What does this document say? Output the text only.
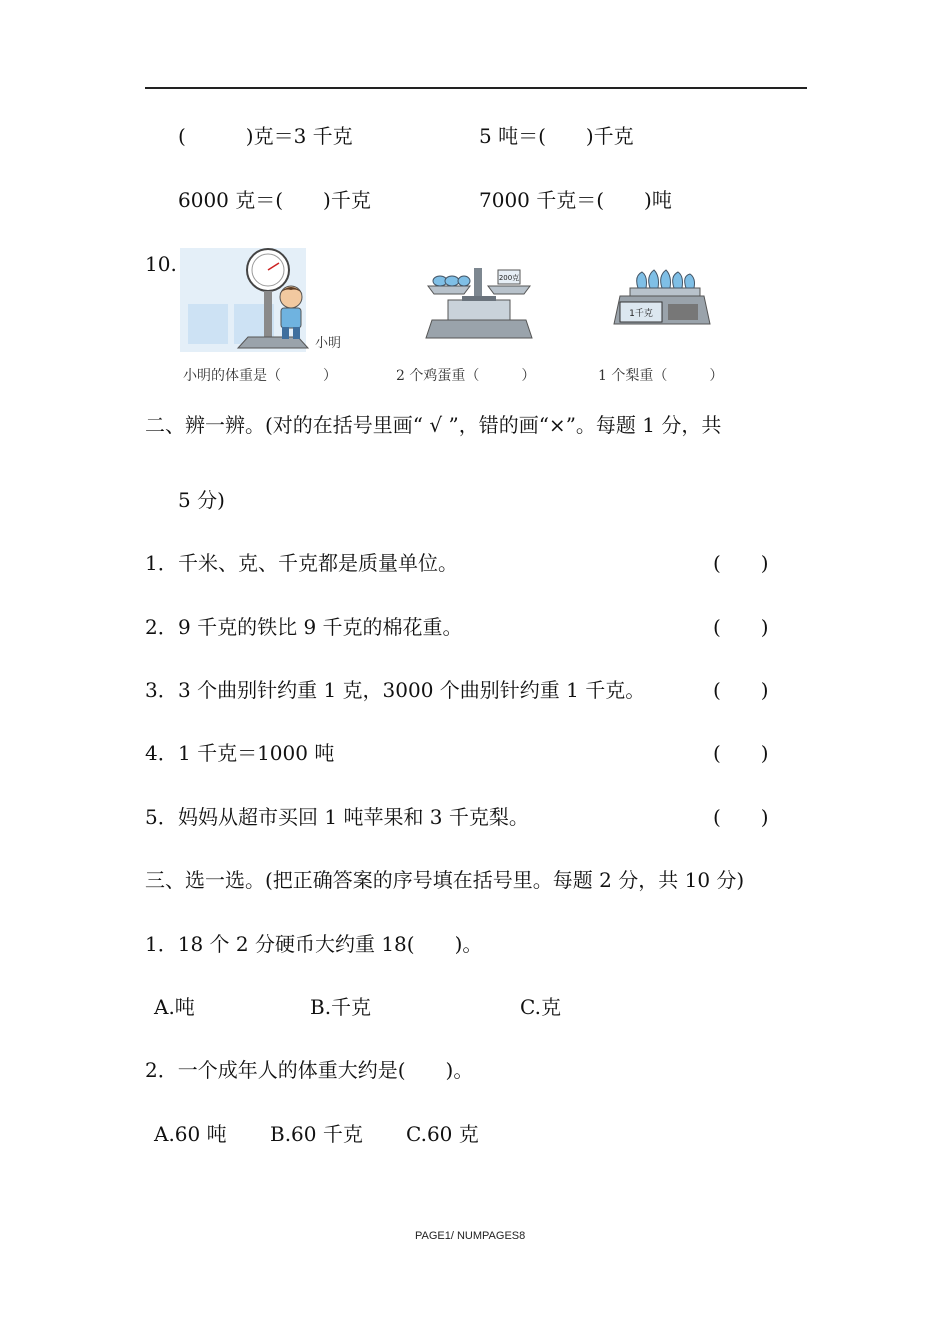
(　　　)克＝3 千克	5 吨＝(　　)千克
6000 克＝(　　)千克	7000 千克＝(　　)吨
10.
小明
200克
1千克
小明的体重是（　　　）	2 个鸡蛋重（　　　）	1 个梨重（　　　）
二、辨一辨。(对的在括号里画“ √ ”，错的画“×”。每题 1 分，共
5 分)
1． 千米、克、千克都是质量单位。	(　　)
2． 9 千克的铁比 9 千克的棉花重。	(　　)
3． 3 个曲别针约重 1 克，3000 个曲别针约重 1 千克。	(　　)
4． 1 千克＝1000 吨	(　　)
5． 妈妈从超市买回 1 吨苹果和 3 千克梨。	(　　)
三、选一选。(把正确答案的序号填在括号里。每题 2 分，共 10 分)
1．18 个 2 分硬币大约重 18(　　)。
A.吨	B.千克	C.克
2．一个成年人的体重大约是(　　)。
A.60 吨 B.60 千克 C.60 克
PAGE1/ NUMPAGES8
